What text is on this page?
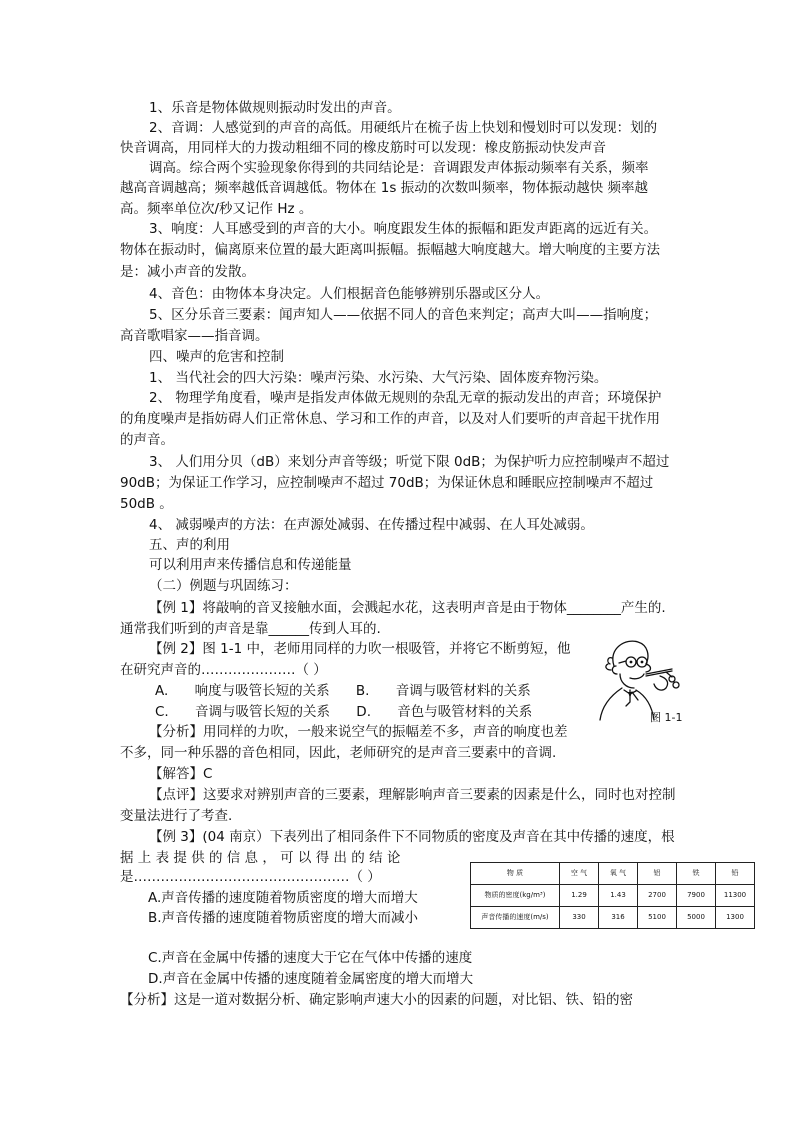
1、乐音是物体做规则振动时发出的声音。
2、音调：人感觉到的声音的高低。用硬纸片在梳子齿上快划和慢划时可以发现：划的
快音调高，用同样大的力拨动粗细不同的橡皮筋时可以发现：橡皮筋振动快发声音
调高。综合两个实验现象你得到的共同结论是：音调跟发声体振动频率有关系，频率
越高音调越高；频率越低音调越低。物体在 1s 振动的次数叫频率，物体振动越快 频率越
高。频率单位次/秒又记作 Hz 。
3、响度：人耳感受到的声音的大小。响度跟发生体的振幅和距发声距离的远近有关。
物体在振动时，偏离原来位置的最大距离叫振幅。振幅越大响度越大。增大响度的主要方法
是：减小声音的发散。
4、音色：由物体本身决定。人们根据音色能够辨别乐器或区分人。
5、区分乐音三要素：闻声知人——依据不同人的音色来判定；高声大叫——指响度；
高音歌唱家——指音调。
四、噪声的危害和控制
1、 当代社会的四大污染：噪声污染、水污染、大气污染、固体废弃物污染。
2、 物理学角度看，噪声是指发声体做无规则的杂乱无章的振动发出的声音；环境保护
的角度噪声是指妨碍人们正常休息、学习和工作的声音，以及对人们要听的声音起干扰作用
的声音。
3、 人们用分贝（dB）来划分声音等级；听觉下限 0dB；为保护听力应控制噪声不超过
90dB；为保证工作学习，应控制噪声不超过 70dB；为保证休息和睡眠应控制噪声不超过
50dB 。
4、 减弱噪声的方法：在声源处减弱、在传播过程中减弱、在人耳处减弱。
五、声的利用
可以利用声来传播信息和传递能量
（二）例题与巩固练习：
【例 1】将敲响的音叉接触水面，会溅起水花，这表明声音是由于物体________产生的.
通常我们听到的声音是靠______传到人耳的.
【例 2】图 1-1 中，老师用同样的力吹一根吸管，并将它不断剪短，他
在研究声音的…………………（ ）
A. 响度与吸管长短的关系 B. 音调与吸管材料的关系
C. 音调与吸管长短的关系 D. 音色与吸管材料的关系
【分析】用同样的力吹，一般来说空气的振幅差不多，声音的响度也差
不多，同一种乐器的音色相同，因此，老师研究的是声音三要素中的音调.
【解答】C
【点评】这要求对辨别声音的三要素，理解影响声音三要素的因素是什么，同时也对控制
变量法进行了考查.
【例 3】(04 南京）下表列出了相同条件下不同物质的密度及声音在其中传播的速度，根
据 上 表 提 供 的 信 息 ， 可 以 得 出 的 结 论
是…………………………………………（ ）
A.声音传播的速度随着物质密度的增大而增大
B.声音传播的速度随着物质密度的增大而减小
C.声音在金属中传播的速度大于它在气体中传播的速度
D.声音在金属中传播的速度随着金属密度的增大而增大
【分析】这是一道对数据分析、确定影响声速大小的因素的问题，对比铝、铁、铅的密
图 1-1
物 质	空 气	氧 气	铝	铁	铅
物质的密度(kg/m³)	1.29	1.43	2700	7900	11300
声音传播的速度(m/s)	330	316	5100	5000	1300
